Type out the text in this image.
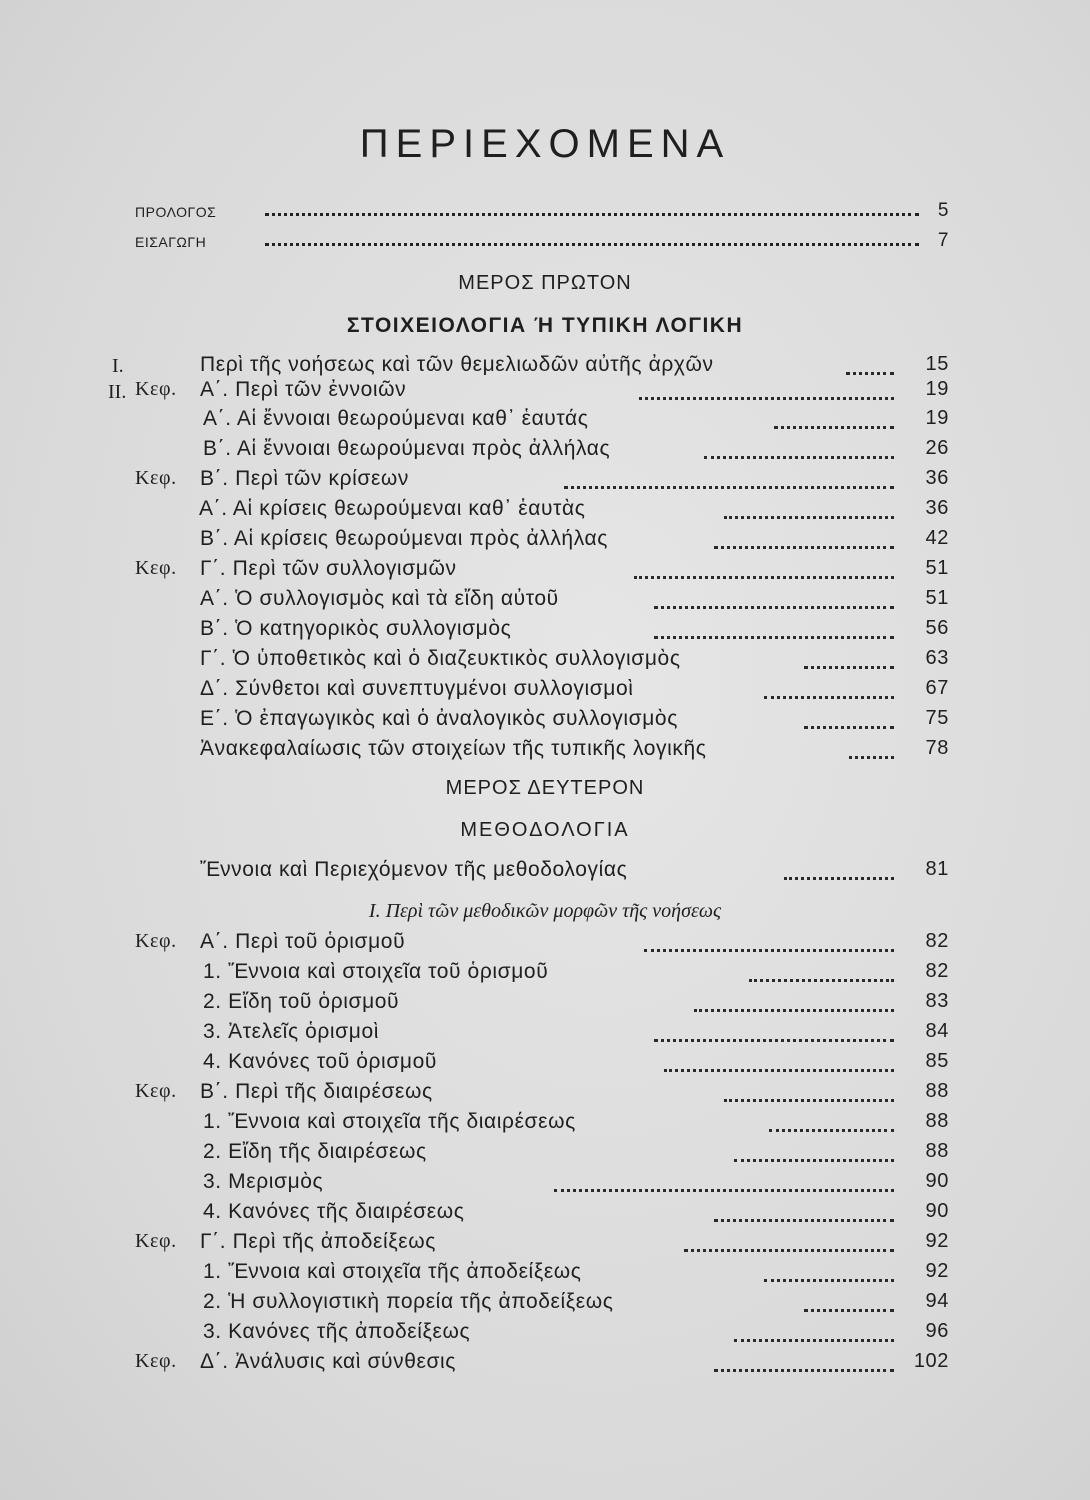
ΠΕΡΙΕΧΟΜΕΝΑ
ΠΡΟΛΟΓΟΣ	5
ΕΙΣΑΓΩΓΗ	7
ΜΕΡΟΣ ΠΡΩΤΟΝ
ΣΤΟΙΧΕΙΟΛΟΓΙΑ Ή ΤΥΠΙΚΗ ΛΟΓΙΚΗ
I.
II.
Περὶ τῆς νοήσεως καὶ τῶν θεμελιωδῶν αὐτῆς ἀρχῶν	15
Κεφ. Α΄. Περὶ τῶν ἐννοιῶν	19
Α΄. Αἱ ἔννοιαι θεωρούμεναι καθ᾽ ἑαυτάς	19
Β΄. Αἱ ἔννοιαι θεωρούμεναι πρὸς ἀλλήλας	26
Κεφ. Β΄. Περὶ τῶν κρίσεων	36
Α΄. Αἱ κρίσεις θεωρούμεναι καθ᾽ ἑαυτὰς	36
Β΄. Αἱ κρίσεις θεωρούμεναι πρὸς ἀλλήλας	42
Κεφ. Γ΄. Περὶ τῶν συλλογισμῶν	51
Α΄. Ὁ συλλογισμὸς καὶ τὰ εἴδη αὐτοῦ	51
Β΄. Ὁ κατηγορικὸς συλλογισμὸς	56
Γ΄. Ὁ ὑποθετικὸς καὶ ὁ διαζευκτικὸς συλλογισμὸς	63
Δ΄. Σύνθετοι καὶ συνεπτυγμένοι συλλογισμοὶ	67
Ε΄. Ὁ ἐπαγωγικὸς καὶ ὁ ἀναλογικὸς συλλογισμὸς	75
Ἀνακεφαλαίωσις τῶν στοιχείων τῆς τυπικῆς λογικῆς	78
ΜΕΡΟΣ ΔΕΥΤΕΡΟΝ
ΜΕΘΟΔΟΛΟΓΙΑ
Ἔννοια καὶ Περιεχόμενον τῆς μεθοδολογίας	81
I. Περὶ τῶν μεθοδικῶν μορφῶν τῆς νοήσεως
Κεφ. Α΄. Περὶ τοῦ ὁρισμοῦ	82
1. Ἔννοια καὶ στοιχεῖα τοῦ ὁρισμοῦ	82
2. Εἴδη τοῦ ὁρισμοῦ	83
3. Ἀτελεῖς ὁρισμοὶ	84
4. Κανόνες τοῦ ὁρισμοῦ	85
Κεφ. Β΄. Περὶ τῆς διαιρέσεως	88
1. Ἔννοια καὶ στοιχεῖα τῆς διαιρέσεως	88
2. Εἴδη τῆς διαιρέσεως	88
3. Μερισμὸς	90
4. Κανόνες τῆς διαιρέσεως	90
Κεφ. Γ΄. Περὶ τῆς ἀποδείξεως	92
1. Ἔννοια καὶ στοιχεῖα τῆς ἀποδείξεως	92
2. Ἡ συλλογιστικὴ πορεία τῆς ἀποδείξεως	94
3. Κανόνες τῆς ἀποδείξεως	96
Κεφ. Δ΄. Ἀνάλυσις καὶ σύνθεσις	102
